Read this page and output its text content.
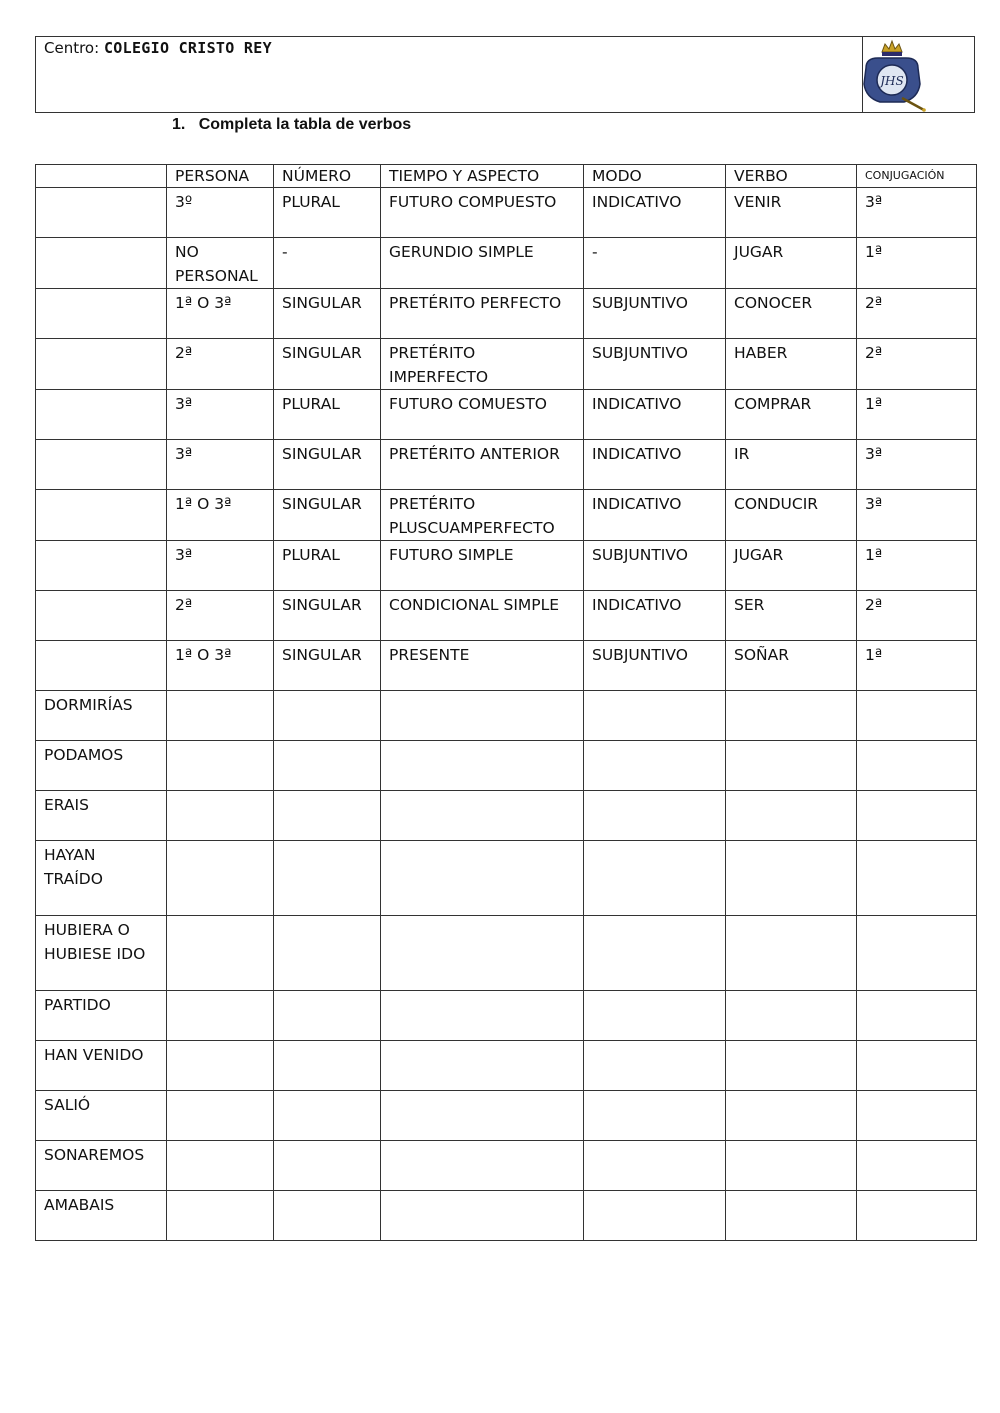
Centro: COLEGIO CRISTO REY
JHS
1. Completa la tabla de verbos
	PERSONA	NÚMERO	TIEMPO Y ASPECTO	MODO	VERBO	CONJUGACIÓN
	3º	PLURAL	FUTURO COMPUESTO	INDICATIVO	VENIR	3ª
	NO PERSONAL	-	GERUNDIO SIMPLE	-	JUGAR	1ª
	1ª O 3ª	SINGULAR	PRETÉRITO PERFECTO	SUBJUNTIVO	CONOCER	2ª
	2ª	SINGULAR	PRETÉRITO IMPERFECTO	SUBJUNTIVO	HABER	2ª
	3ª	PLURAL	FUTURO COMUESTO	INDICATIVO	COMPRAR	1ª
	3ª	SINGULAR	PRETÉRITO ANTERIOR	INDICATIVO	IR	3ª
	1ª O 3ª	SINGULAR	PRETÉRITO PLUSCUAMPERFECTO	INDICATIVO	CONDUCIR	3ª
	3ª	PLURAL	FUTURO SIMPLE	SUBJUNTIVO	JUGAR	1ª
	2ª	SINGULAR	CONDICIONAL SIMPLE	INDICATIVO	SER	2ª
	1ª O 3ª	SINGULAR	PRESENTE	SUBJUNTIVO	SOÑAR	1ª
DORMIRÍAS						
PODAMOS						
ERAIS						
HAYAN TRAÍDO						
HUBIERA O HUBIESE IDO						
PARTIDO						
HAN VENIDO						
SALIÓ						
SONAREMOS						
AMABAIS						
